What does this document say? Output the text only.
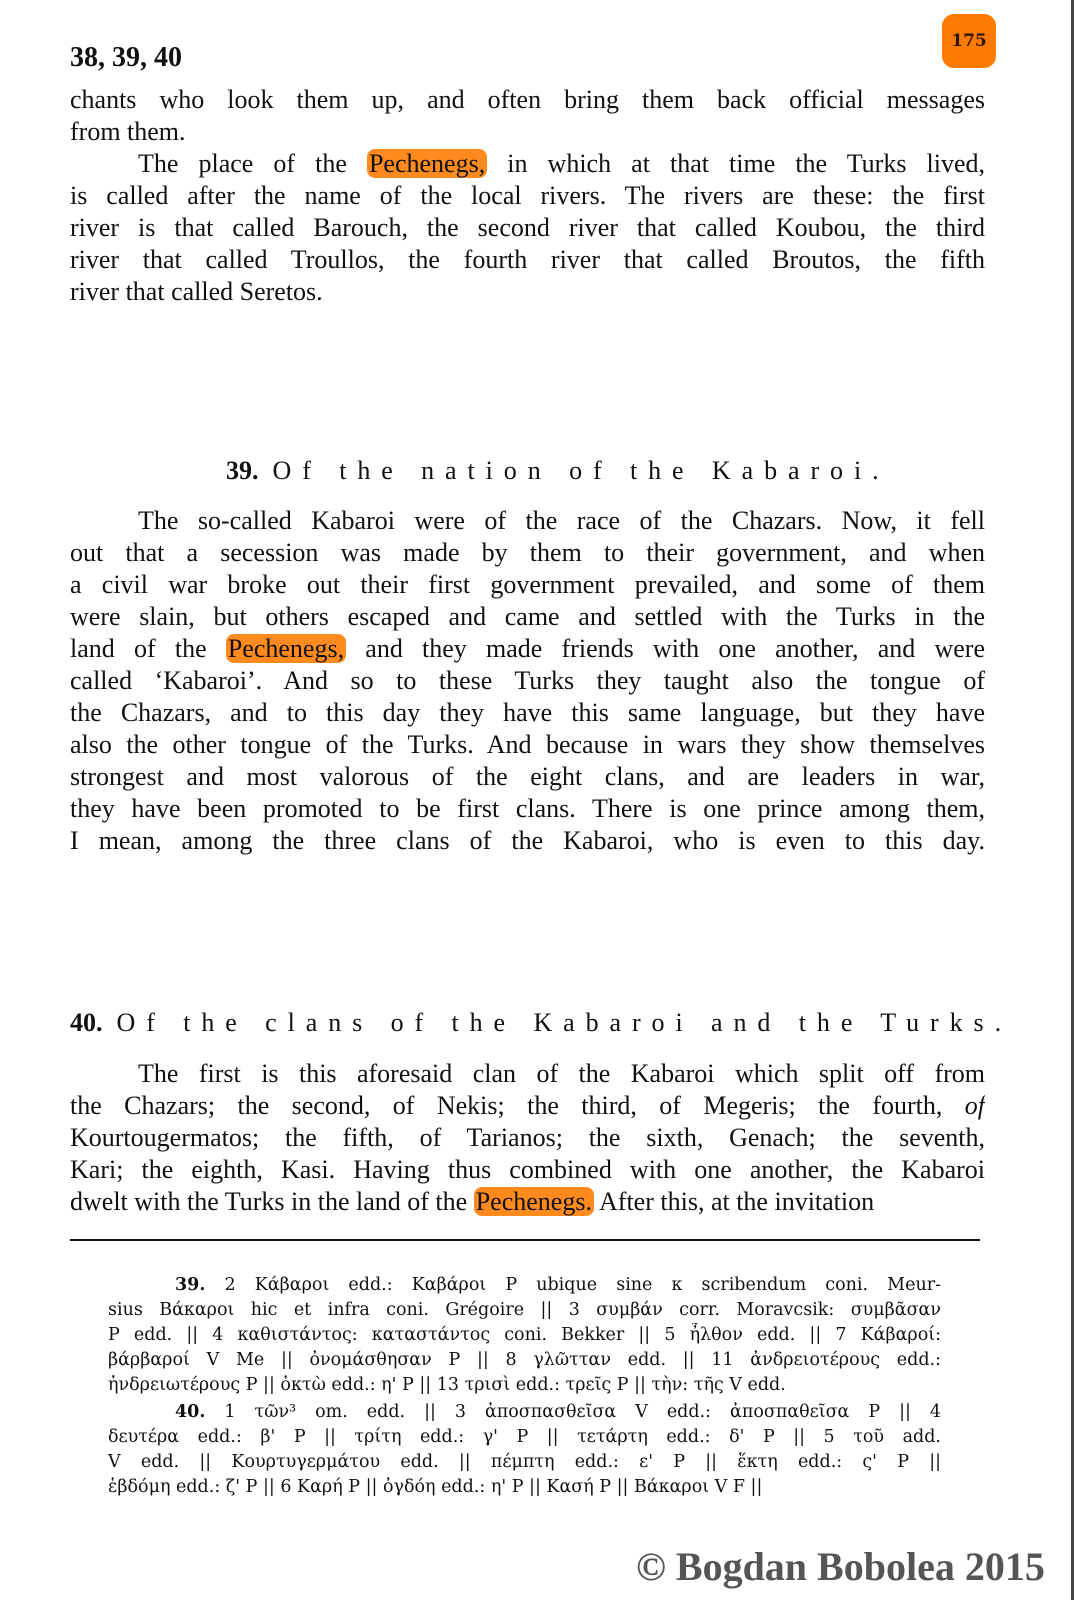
175
38, 39, 40
chants who look them up, and often bring them back official messages
from them.
The place of the Pechenegs, in which at that time the Turks lived,
is called after the name of the local rivers. The rivers are these: the first
river is that called Barouch, the second river that called Koubou, the third
river that called Troullos, the fourth river that called Broutos, the fifth
river that called Seretos.
39. Of the nation of the Kabaroi.
The so-called Kabaroi were of the race of the Chazars. Now, it fell
out that a secession was made by them to their government, and when
a civil war broke out their first government prevailed, and some of them
were slain, but others escaped and came and settled with the Turks in the
land of the Pechenegs, and they made friends with one another, and were
called ‘Kabaroi’. And so to these Turks they taught also the tongue of
the Chazars, and to this day they have this same language, but they have
also the other tongue of the Turks. And because in wars they show themselves
strongest and most valorous of the eight clans, and are leaders in war,
they have been promoted to be first clans. There is one prince among them,
I mean, among the three clans of the Kabaroi, who is even to this day.
40. Of the clans of the Kabaroi and the Turks.
The first is this aforesaid clan of the Kabaroi which split off from
the Chazars; the second, of Nekis; the third, of Megeris; the fourth, of
Kourtougermatos; the fifth, of Tarianos; the sixth, Genach; the seventh,
Kari; the eighth, Kasi. Having thus combined with one another, the Kabaroi
dwelt with the Turks in the land of the Pechenegs. After this, at the invitation
39. 2 Κάβαροι edd.: Καβάροι P ubique sine κ scribendum coni. Meur-
sius Βάκαροι hic et infra coni. Grégoire || 3 συμβάν corr. Moravcsik: συμβᾶσαν
P edd. || 4 καθιστάντος: καταστάντος coni. Bekker || 5 ἦλθον edd. || 7 Κάβαροί:
βάρβαροί V Me || ὀνομάσθησαν P || 8 γλῶτταν edd. || 11 ἀνδρειοτέρους edd.:
ἠνδρειωτέρους P || ὀκτὼ edd.: η' P || 13 τρισὶ edd.: τρεῖς P || τὴν: τῆς V edd.
40. 1 τῶν³ om. edd. || 3 ἀποσπασθεῖσα V edd.: ἀποσπαθεῖσα P || 4
δευτέρα edd.: β' P || τρίτη edd.: γ' P || τετάρτη edd.: δ' P || 5 τοῦ add.
V edd. || Κουρτυγερμάτου edd. || πέμπτη edd.: ε' P || ἕκτη edd.: ς' P ||
ἑβδόμη edd.: ζ' P || 6 Καρή P || ὀγδόη edd.: η' P || Κασή P || Βάκαροι V F ||
© Bogdan Bobolea 2015
